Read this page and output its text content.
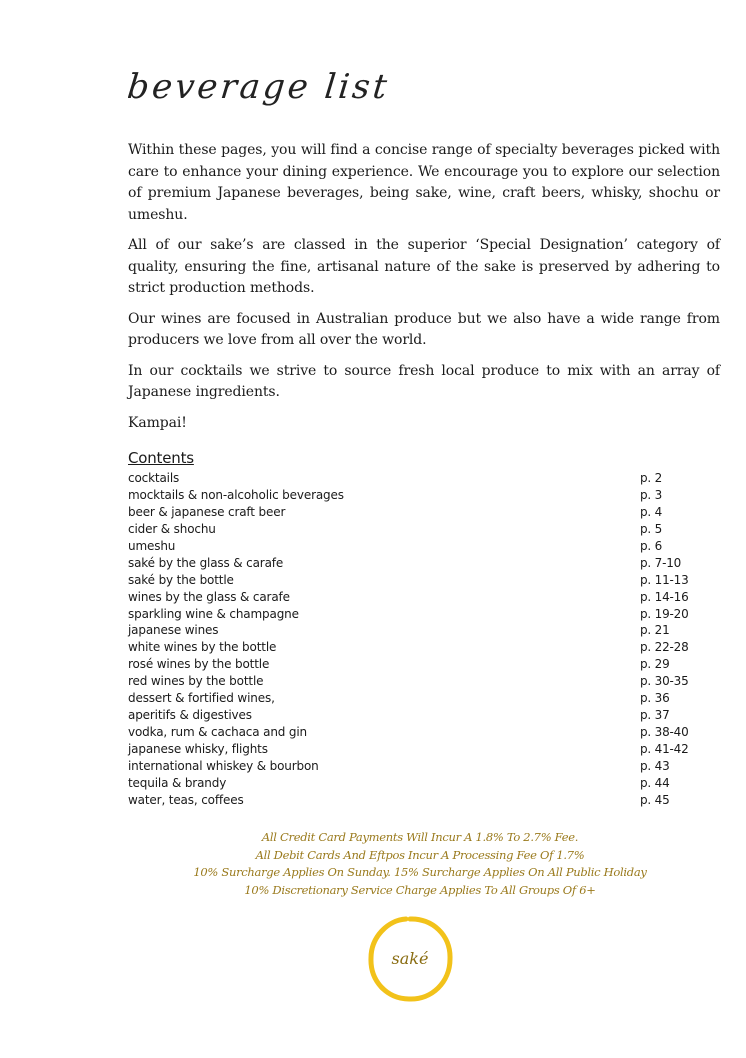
beverage list

Within these pages, you will find a concise range of specialty beverages picked with care to enhance your dining experience. We encourage you to explore our selection of premium Japanese beverages, being sake, wine, craft beers, whisky, shochu or umeshu.

All of our sake’s are classed in the superior ‘Special Designation’ category of quality, ensuring the fine, artisanal nature of the sake is preserved by adhering to strict production methods.

Our wines are focused in Australian produce but we also have a wide range from producers we love from all over the world.

In our cocktails we strive to source fresh local produce to mix with an array of Japanese ingredients.

Kampai!

Contents
cocktails	p. 2
mocktails & non-alcoholic beverages	p. 3
beer & japanese craft beer	p. 4
cider & shochu	p. 5
umeshu	p. 6
saké by the glass & carafe	p. 7-10
saké by the bottle	p. 11-13
wines by the glass & carafe	p. 14-16
sparkling wine & champagne	p. 19-20
japanese wines	p. 21
white wines by the bottle	p. 22-28
rosé wines by the bottle	p. 29
red wines by the bottle	p. 30-35
dessert & fortified wines,	p. 36
aperitifs & digestives	p. 37
vodka, rum & cachaca and gin	p. 38-40
japanese whisky, flights	p. 41-42
international whiskey & bourbon	p. 43
tequila & brandy	p. 44
water, teas, coffees	p. 45
All Credit Card Payments Will Incur A 1.8% To 2.7% Fee.
All Debit Cards And Eftpos Incur A Processing Fee Of 1.7%
10% Surcharge Applies On Sunday. 15% Surcharge Applies On All Public Holiday
10% Discretionary Service Charge Applies To All Groups Of 6+
saké
